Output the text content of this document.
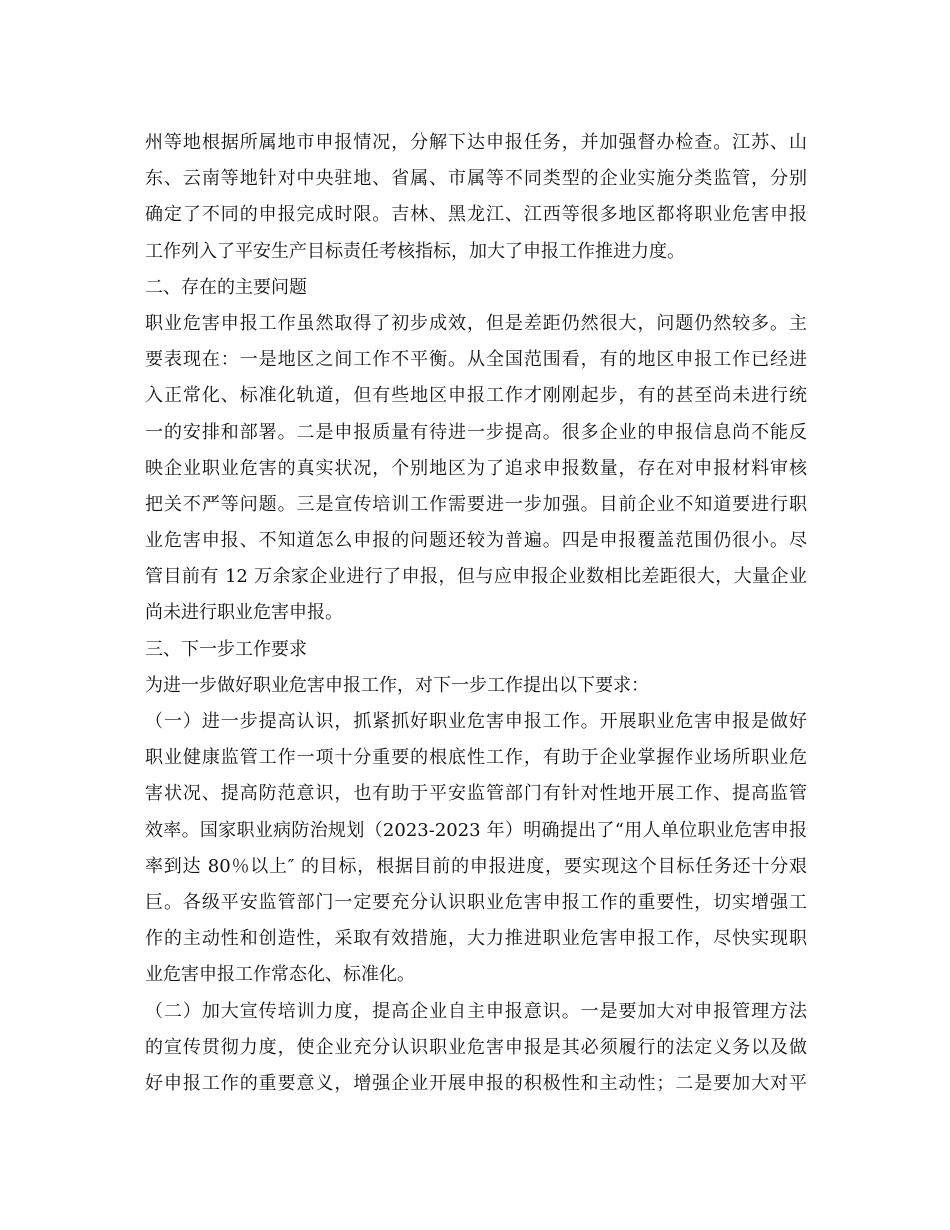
州等地根据所属地市申报情况，分解下达申报任务，并加强督办检查。江苏、山

东、云南等地针对中央驻地、省属、市属等不同类型的企业实施分类监管，分别

确定了不同的申报完成时限。吉林、黑龙江、江西等很多地区都将职业危害申报

工作列入了平安生产目标责任考核指标，加大了申报工作推进力度。

二、存在的主要问题

职业危害申报工作虽然取得了初步成效，但是差距仍然很大，问题仍然较多。主

要表现在：一是地区之间工作不平衡。从全国范围看，有的地区申报工作已经进

入正常化、标准化轨道，但有些地区申报工作才刚刚起步，有的甚至尚未进行统

一的安排和部署。二是申报质量有待进一步提高。很多企业的申报信息尚不能反

映企业职业危害的真实状况，个别地区为了追求申报数量，存在对申报材料审核

把关不严等问题。三是宣传培训工作需要进一步加强。目前企业不知道要进行职

业危害申报、不知道怎么申报的问题还较为普遍。四是申报覆盖范围仍很小。尽

管目前有 12 万余家企业进行了申报，但与应申报企业数相比差距很大，大量企业

尚未进行职业危害申报。

三、下一步工作要求

为进一步做好职业危害申报工作，对下一步工作提出以下要求：

（一）进一步提高认识，抓紧抓好职业危害申报工作。开展职业危害申报是做好

职业健康监管工作一项十分重要的根底性工作，有助于企业掌握作业场所职业危

害状况、提高防范意识，也有助于平安监管部门有针对性地开展工作、提高监管

效率。国家职业病防治规划（2023-2023 年）明确提出了“用人单位职业危害申报

率到达 80％以上″ 的目标，根据目前的申报进度，要实现这个目标任务还十分艰

巨。各级平安监管部门一定要充分认识职业危害申报工作的重要性，切实增强工

作的主动性和创造性，采取有效措施，大力推进职业危害申报工作，尽快实现职

业危害申报工作常态化、标准化。

（二）加大宣传培训力度，提高企业自主申报意识。一是要加大对申报管理方法

的宣传贯彻力度，使企业充分认识职业危害申报是其必须履行的法定义务以及做

好申报工作的重要意义，增强企业开展申报的积极性和主动性；二是要加大对平
